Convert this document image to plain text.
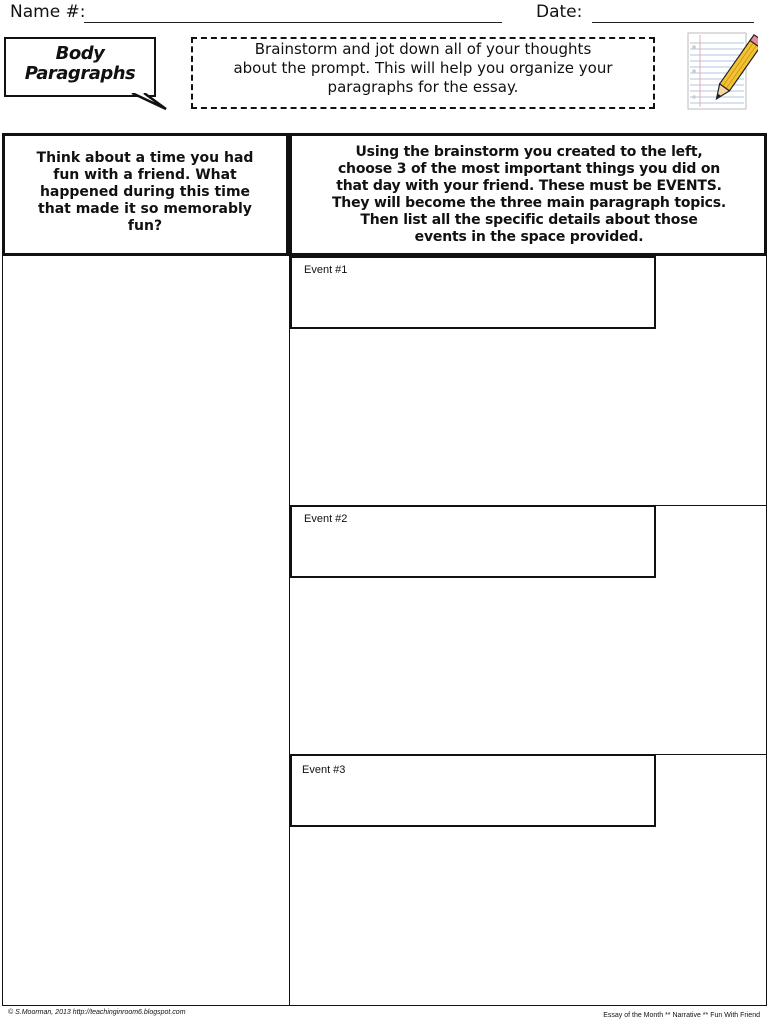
Name #:	Date:
Body
Paragraphs
Brainstorm and jot down all of your thoughts
about the prompt. This will help you organize your
paragraphs for the essay.
Think about a time you had
fun with a friend. What
happened during this time
that made it so memorably
fun?
Using the brainstorm you created to the left,
choose 3 of the most important things you did on
that day with your friend. These must be EVENTS.
They will become the three main paragraph topics.
Then list all the specific details about those
events in the space provided.
Event #1
Event #2
Event #3
© S.Moorman, 2013 http://teachinginroom6.blogspot.com	Essay of the Month ** Narrative ** Fun With Friend
